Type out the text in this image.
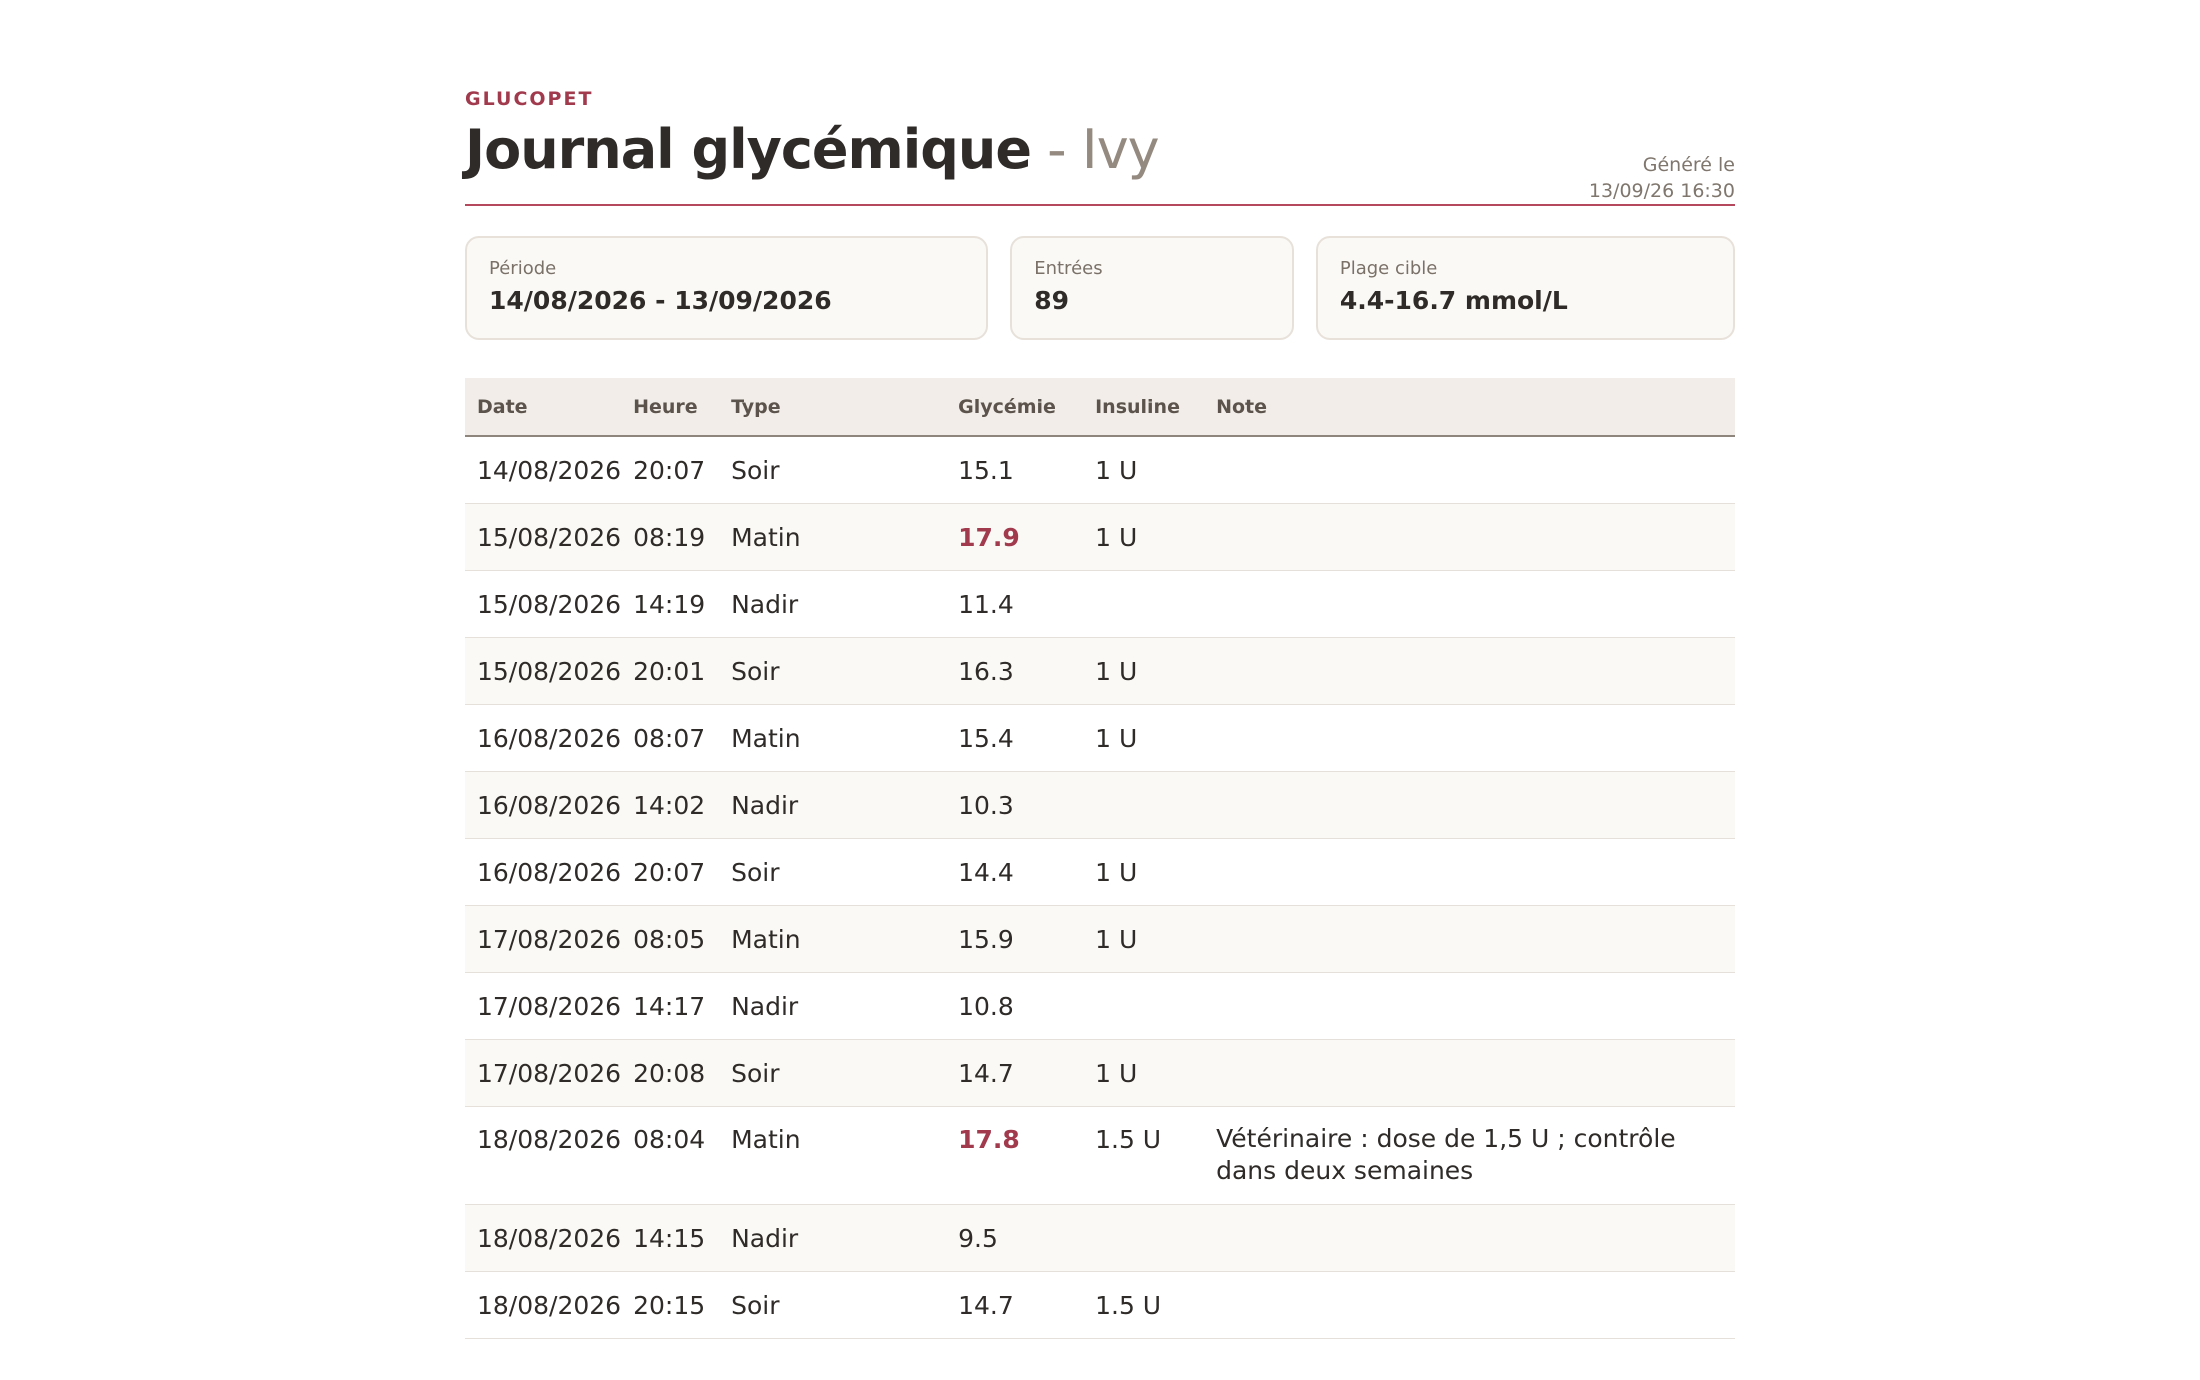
GLUCOPET
Journal glycémique - Ivy	Généré le
13/09/26 16:30
Période
14/08/2026 - 13/09/2026
Entrées
89
Plage cible
4.4-16.7 mmol/L
Date	Heure	Type	Glycémie	Insuline	Note
14/08/2026	20:07	Soir	15.1	1 U	
15/08/2026	08:19	Matin	17.9	1 U	
15/08/2026	14:19	Nadir	11.4		
15/08/2026	20:01	Soir	16.3	1 U	
16/08/2026	08:07	Matin	15.4	1 U	
16/08/2026	14:02	Nadir	10.3		
16/08/2026	20:07	Soir	14.4	1 U	
17/08/2026	08:05	Matin	15.9	1 U	
17/08/2026	14:17	Nadir	10.8		
17/08/2026	20:08	Soir	14.7	1 U	
18/08/2026	08:04	Matin	17.8	1.5 U	Vétérinaire : dose de 1,5 U ; contrôle dans deux semaines
18/08/2026	14:15	Nadir	9.5		
18/08/2026	20:15	Soir	14.7	1.5 U	
